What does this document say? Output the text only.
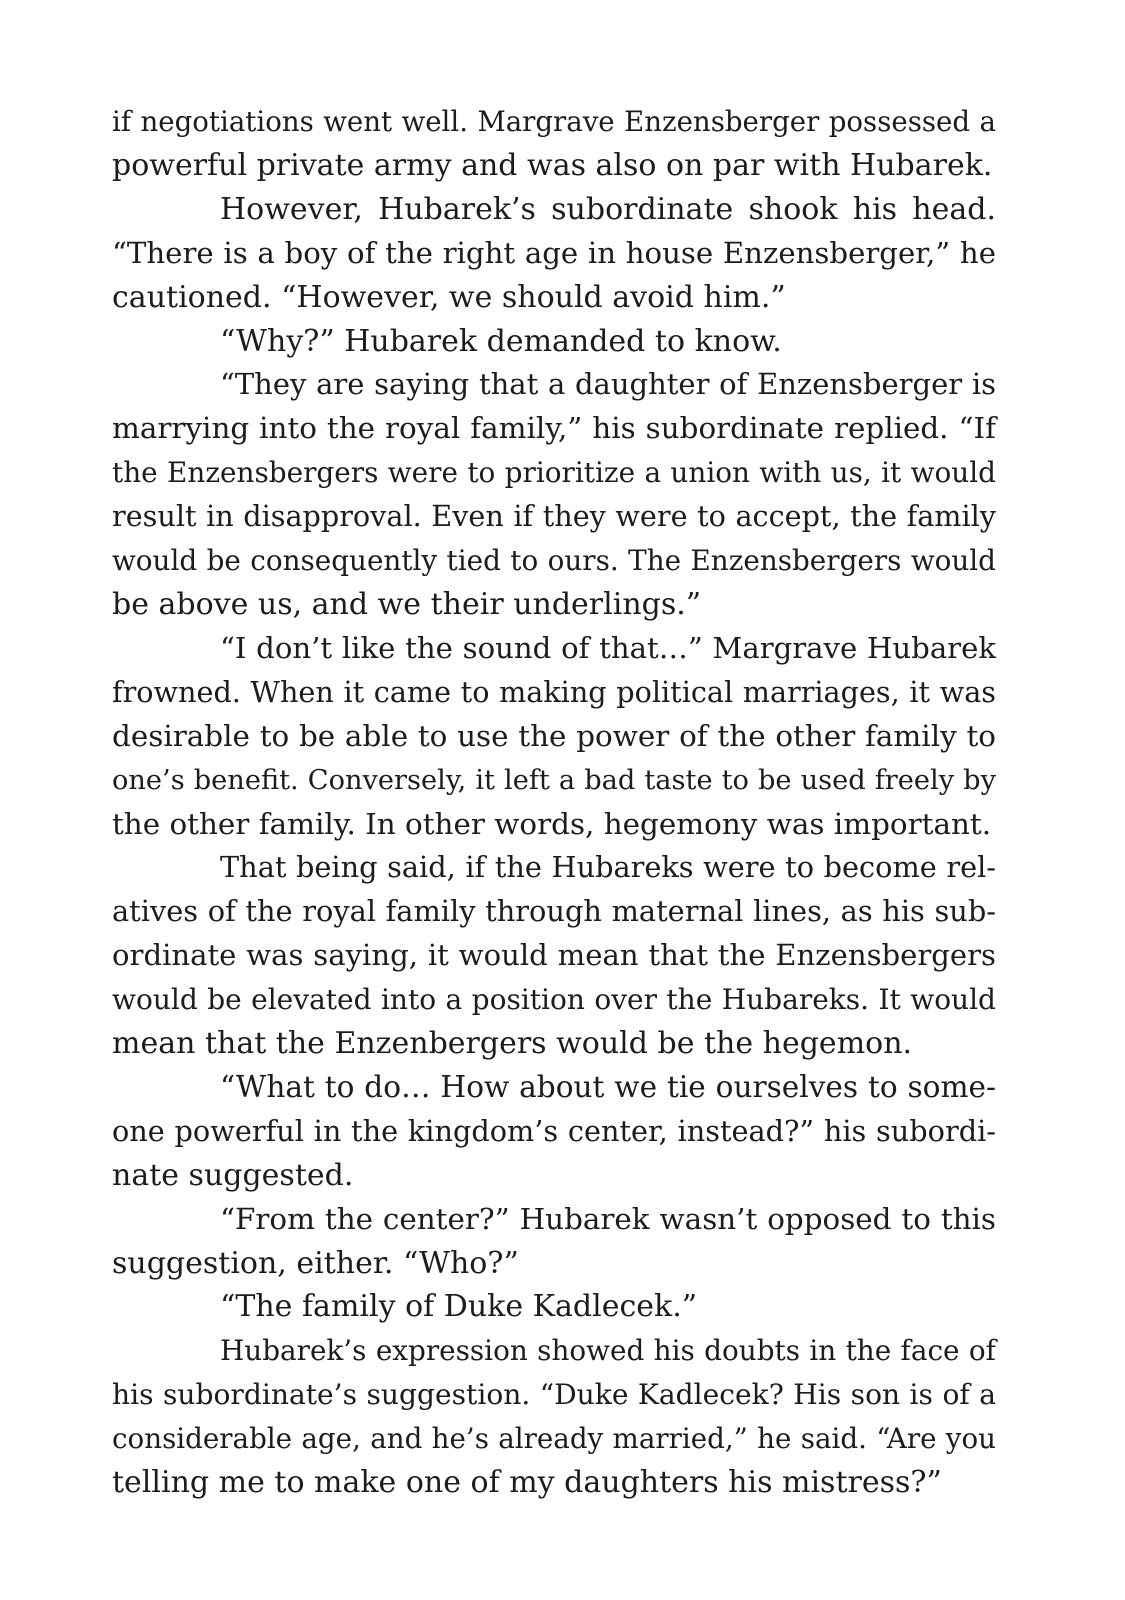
if negotiations went well. Margrave Enzensberger possessed a
powerful private army and was also on par with Hubarek.

However, Hubarek’s subordinate shook his head.
“There is a boy of the right age in house Enzensberger,” he
cautioned. “However, we should avoid him.”

“Why?” Hubarek demanded to know.

“They are saying that a daughter of Enzensberger is
marrying into the royal family,” his subordinate replied. “If
the Enzensbergers were to prioritize a union with us, it would
result in disapproval. Even if they were to accept, the family
would be consequently tied to ours. The Enzensbergers would
be above us, and we their underlings.”

“I don’t like the sound of that…” Margrave Hubarek
frowned. When it came to making political marriages, it was
desirable to be able to use the power of the other family to
one’s benefit. Conversely, it left a bad taste to be used freely by
the other family. In other words, hegemony was important.

That being said, if the Hubareks were to become rel-
atives of the royal family through maternal lines, as his sub-
ordinate was saying, it would mean that the Enzensbergers
would be elevated into a position over the Hubareks. It would
mean that the Enzenbergers would be the hegemon.

“What to do… How about we tie ourselves to some-
one powerful in the kingdom’s center, instead?” his subordi-
nate suggested.

“From the center?” Hubarek wasn’t opposed to this
suggestion, either. “Who?”

“The family of Duke Kadlecek.”

Hubarek’s expression showed his doubts in the face of
his subordinate’s suggestion. “Duke Kadlecek? His son is of a
considerable age, and he’s already married,” he said. “Are you
telling me to make one of my daughters his mistress?”
